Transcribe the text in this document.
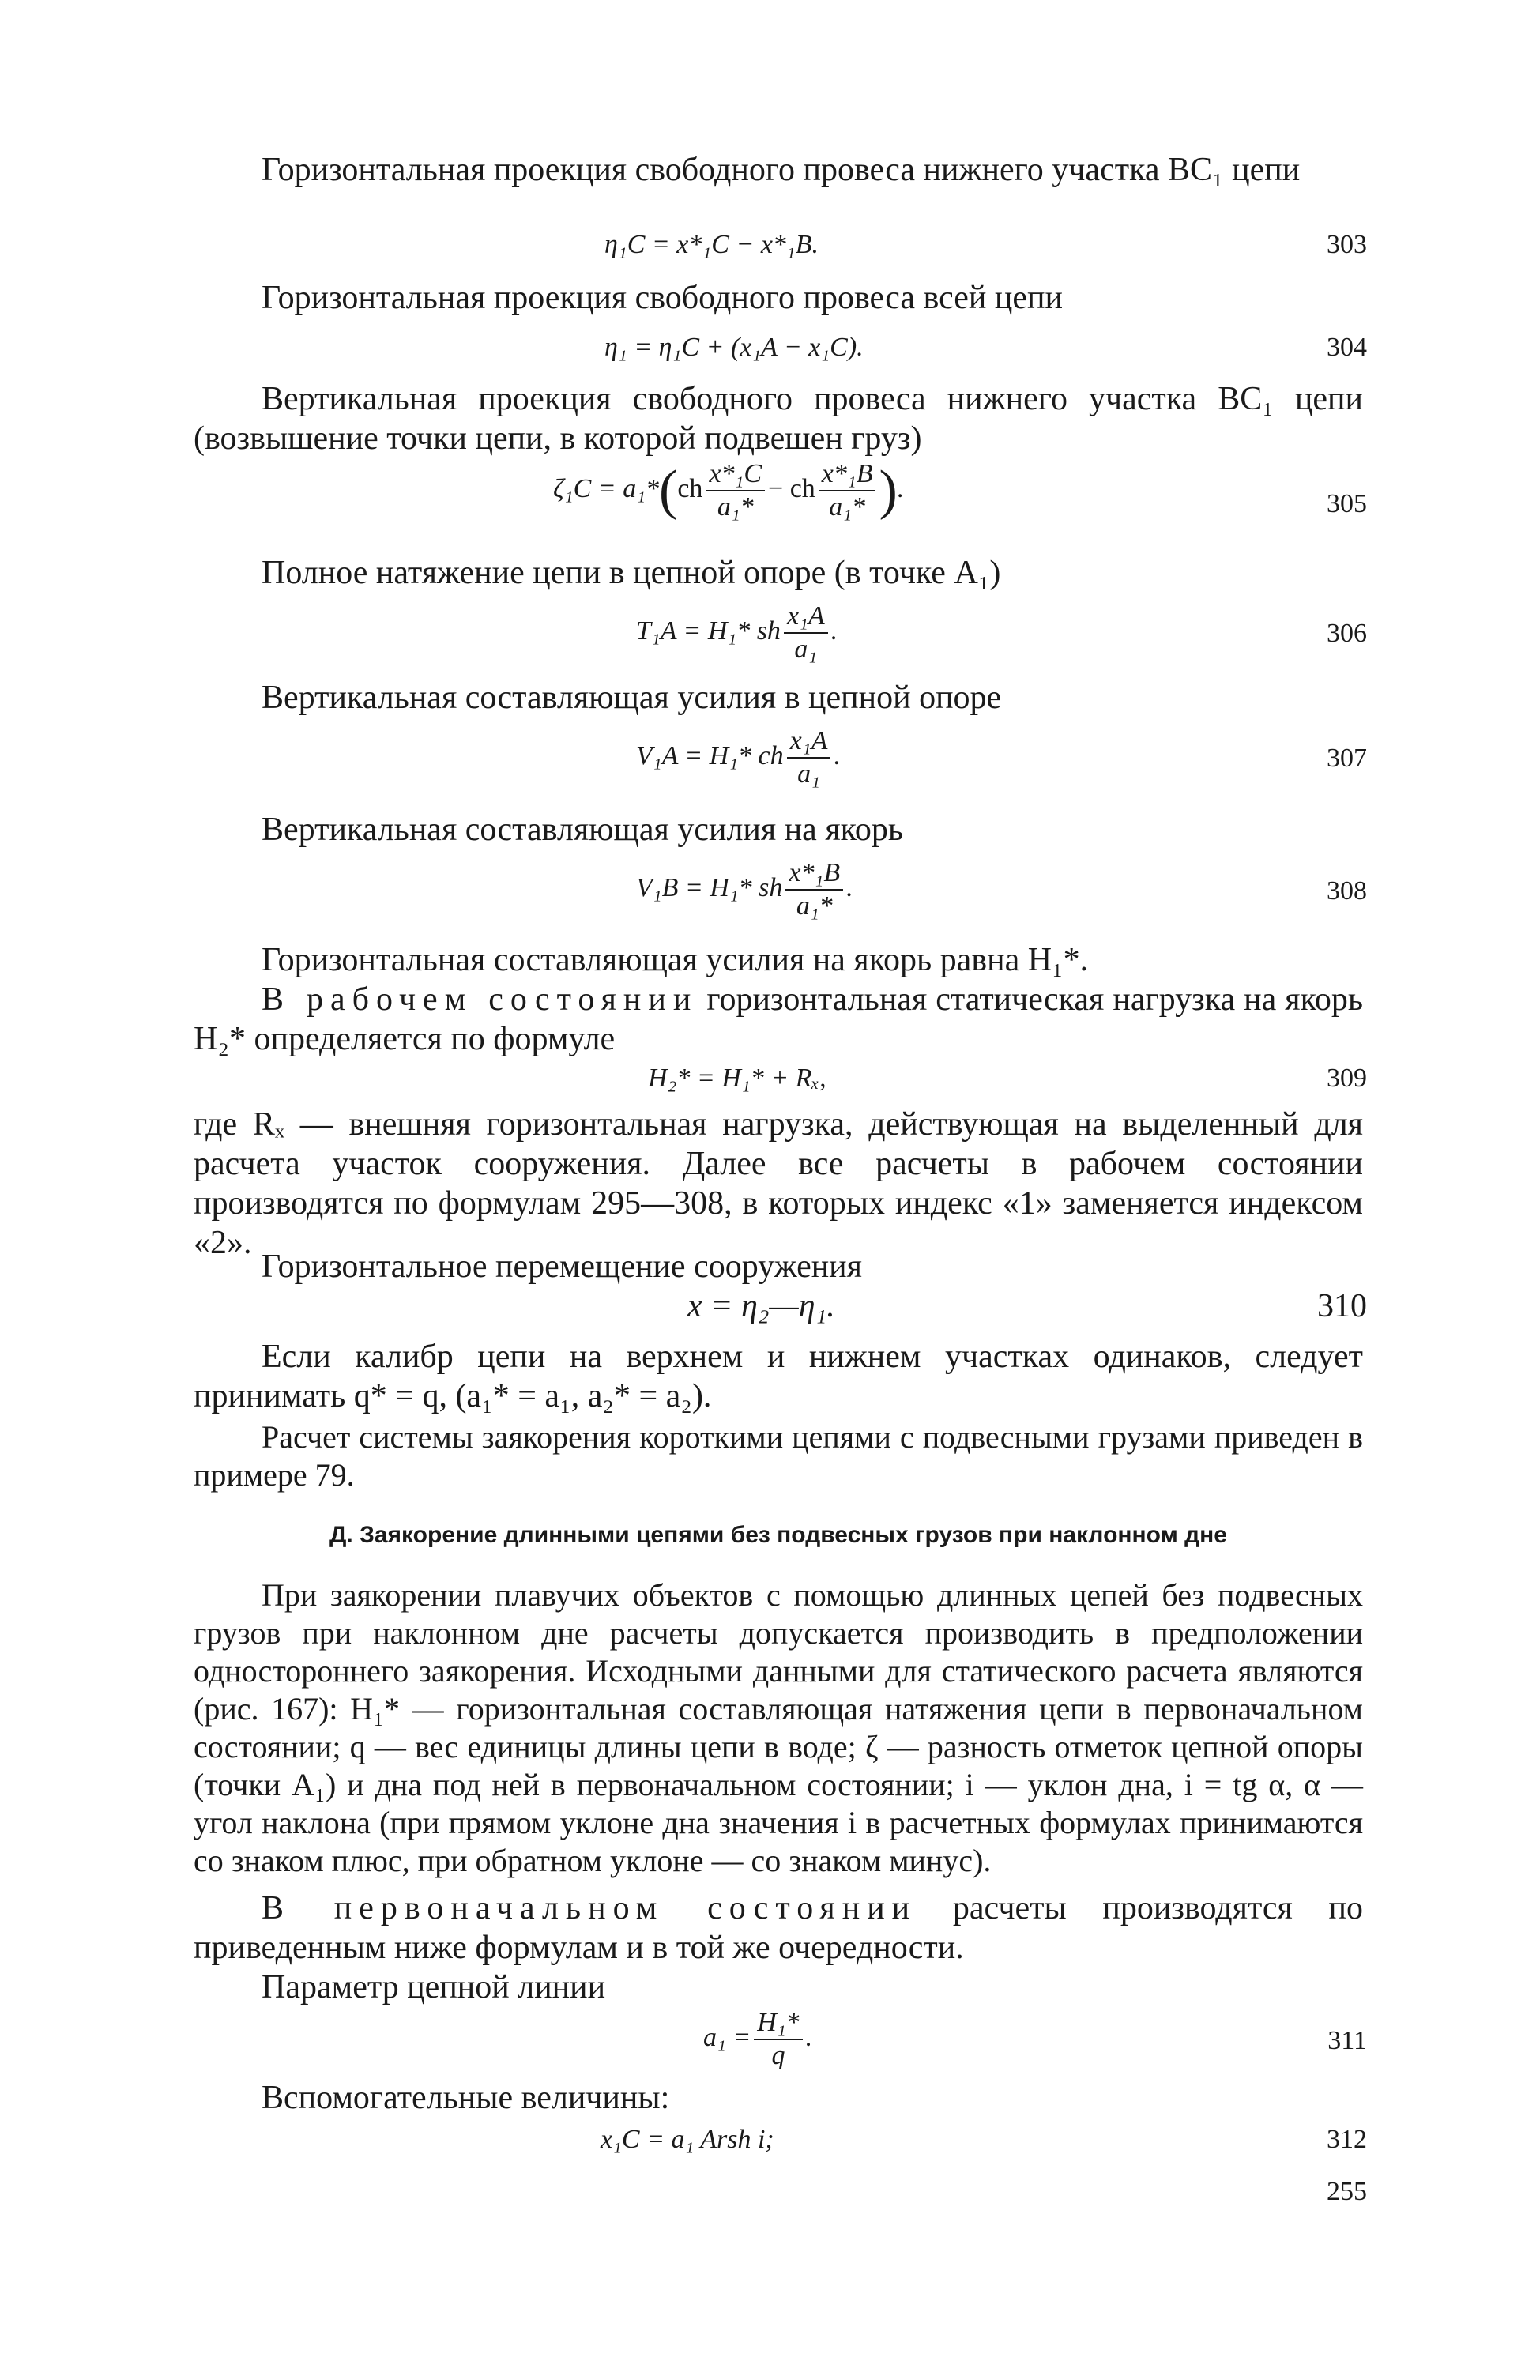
Горизонтальная проекция свободного провеса нижнего участка BC₁ цепи

η₁C = x*₁C − x*₁B.	303

Горизонтальная проекция свободного провеса всей цепи

η₁ = η₁C + (x₁A − x₁C).	304

Вертикальная проекция свободного провеса нижнего участка BC₁ цепи (возвышение точки цепи, в которой подвешен груз)

$\zeta_1C = a_1*(ch \frac{\text{x*₁C}}{\text{a₁*}}$ − ch $\frac{\text{x*₁B}}{\text{a₁*}}$ ).
305

Полное натяжение цепи в цепной опоре (в точке A₁)

T₁A = H₁* sh $\frac{\text{x₁A}}{\text{a₁}}$ .	306

Вертикальная составляющая усилия в цепной опоре

V₁A = H₁* ch $\frac{\text{x₁A}}{\text{a₁}}$ .	307

Вертикальная составляющая усилия на якорь

V₁B = H₁* sh $\frac{\text{x*₁B}}{\text{a₁*}}$ .	308

Горизонтальная составляющая усилия на якорь равна H₁*.

В рабочем состоянии горизонтальная статическая нагрузка на якорь H₂* определяется по формуле

H₂* = H₁* + Rₓ,	309

где Rₓ — внешняя горизонтальная нагрузка, действующая на выделенный для расчета участок сооружения. Далее все расчеты в рабочем состоянии производятся по формулам 295—308, в которых индекс «1» заменяется индексом «2».

Горизонтальное перемещение сооружения

x = η₂—η₁.	310

Если калибр цепи на верхнем и нижнем участках одинаков, следует принимать q* = q, (a₁* = a₁, a₂* = a₂).

Расчет системы заякорения короткими цепями с подвесными грузами приведен в примере 79.

Д. Заякорение длинными цепями без подвесных грузов при наклонном дне

При заякорении плавучих объектов с помощью длинных цепей без подвесных грузов при наклонном дне расчеты допускается производить в предположении одностороннего заякорения. Исходными данными для статического расчета являются (рис. 167): H₁* — горизонтальная составляющая натяжения цепи в первоначальном состоянии; q — вес единицы длины цепи в воде; ζ — разность отметок цепной опоры (точки A₁) и дна под ней в первоначальном состоянии; i — уклон дна, i = tg α, α — угол наклона (при прямом уклоне дна значения i в расчетных формулах принимаются со знаком плюс, при обратном уклоне — со знаком минус).

В первоначальном состоянии расчеты производятся по приведенным ниже формулам и в той же очередности.

Параметр цепной линии

$a_1 = \frac{\text{H₁*}}{q}$ .	311

Вспомогательные величины:

x₁C = a₁ Arsh i;	312
255
